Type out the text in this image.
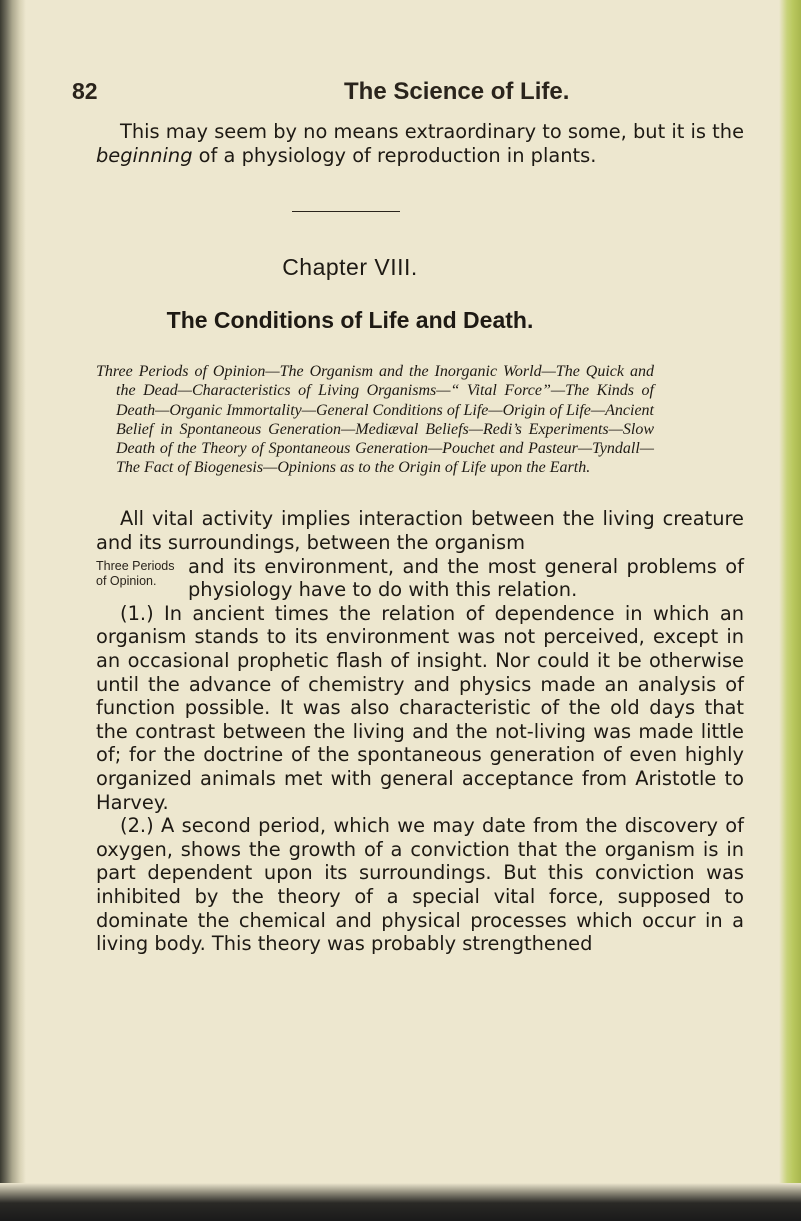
82	The Science of Life.

This may seem by no means extraordinary to some, but it is the beginning of a physiology of reproduction in plants.

Chapter VIII.
The Conditions of Life and Death.

Three Periods of Opinion—The Organism and the Inorganic World—The Quick and the Dead—Characteristics of Living Organisms—“ Vital Force”—The Kinds of Death—Organic Immortality—General Conditions of Life—Origin of Life—Ancient Belief in Spontaneous Generation—Mediæval Beliefs—Redi’s Experiments—Slow Death of the Theory of Spontaneous Generation—Pouchet and Pasteur—Tyndall—The Fact of Biogenesis—Opinions as to the Origin of Life upon the Earth.

All vital activity implies interaction between the living creature and its surroundings, between the organism

Three Periods of Opinion.

and its environment, and the most general problems of physiology have to do with this relation.

(1.) In ancient times the relation of dependence in which an organism stands to its environment was not perceived, except in an occasional prophetic flash of insight. Nor could it be otherwise until the advance of chemistry and physics made an analysis of function possible. It was also characteristic of the old days that the contrast between the living and the not-living was made little of; for the doctrine of the spontaneous generation of even highly organized animals met with general acceptance from Aristotle to Harvey.

(2.) A second period, which we may date from the discovery of oxygen, shows the growth of a conviction that the organism is in part dependent upon its surroundings. But this conviction was inhibited by the theory of a special vital force, supposed to dominate the chemical and physical processes which occur in a living body. This theory was probably strengthened
